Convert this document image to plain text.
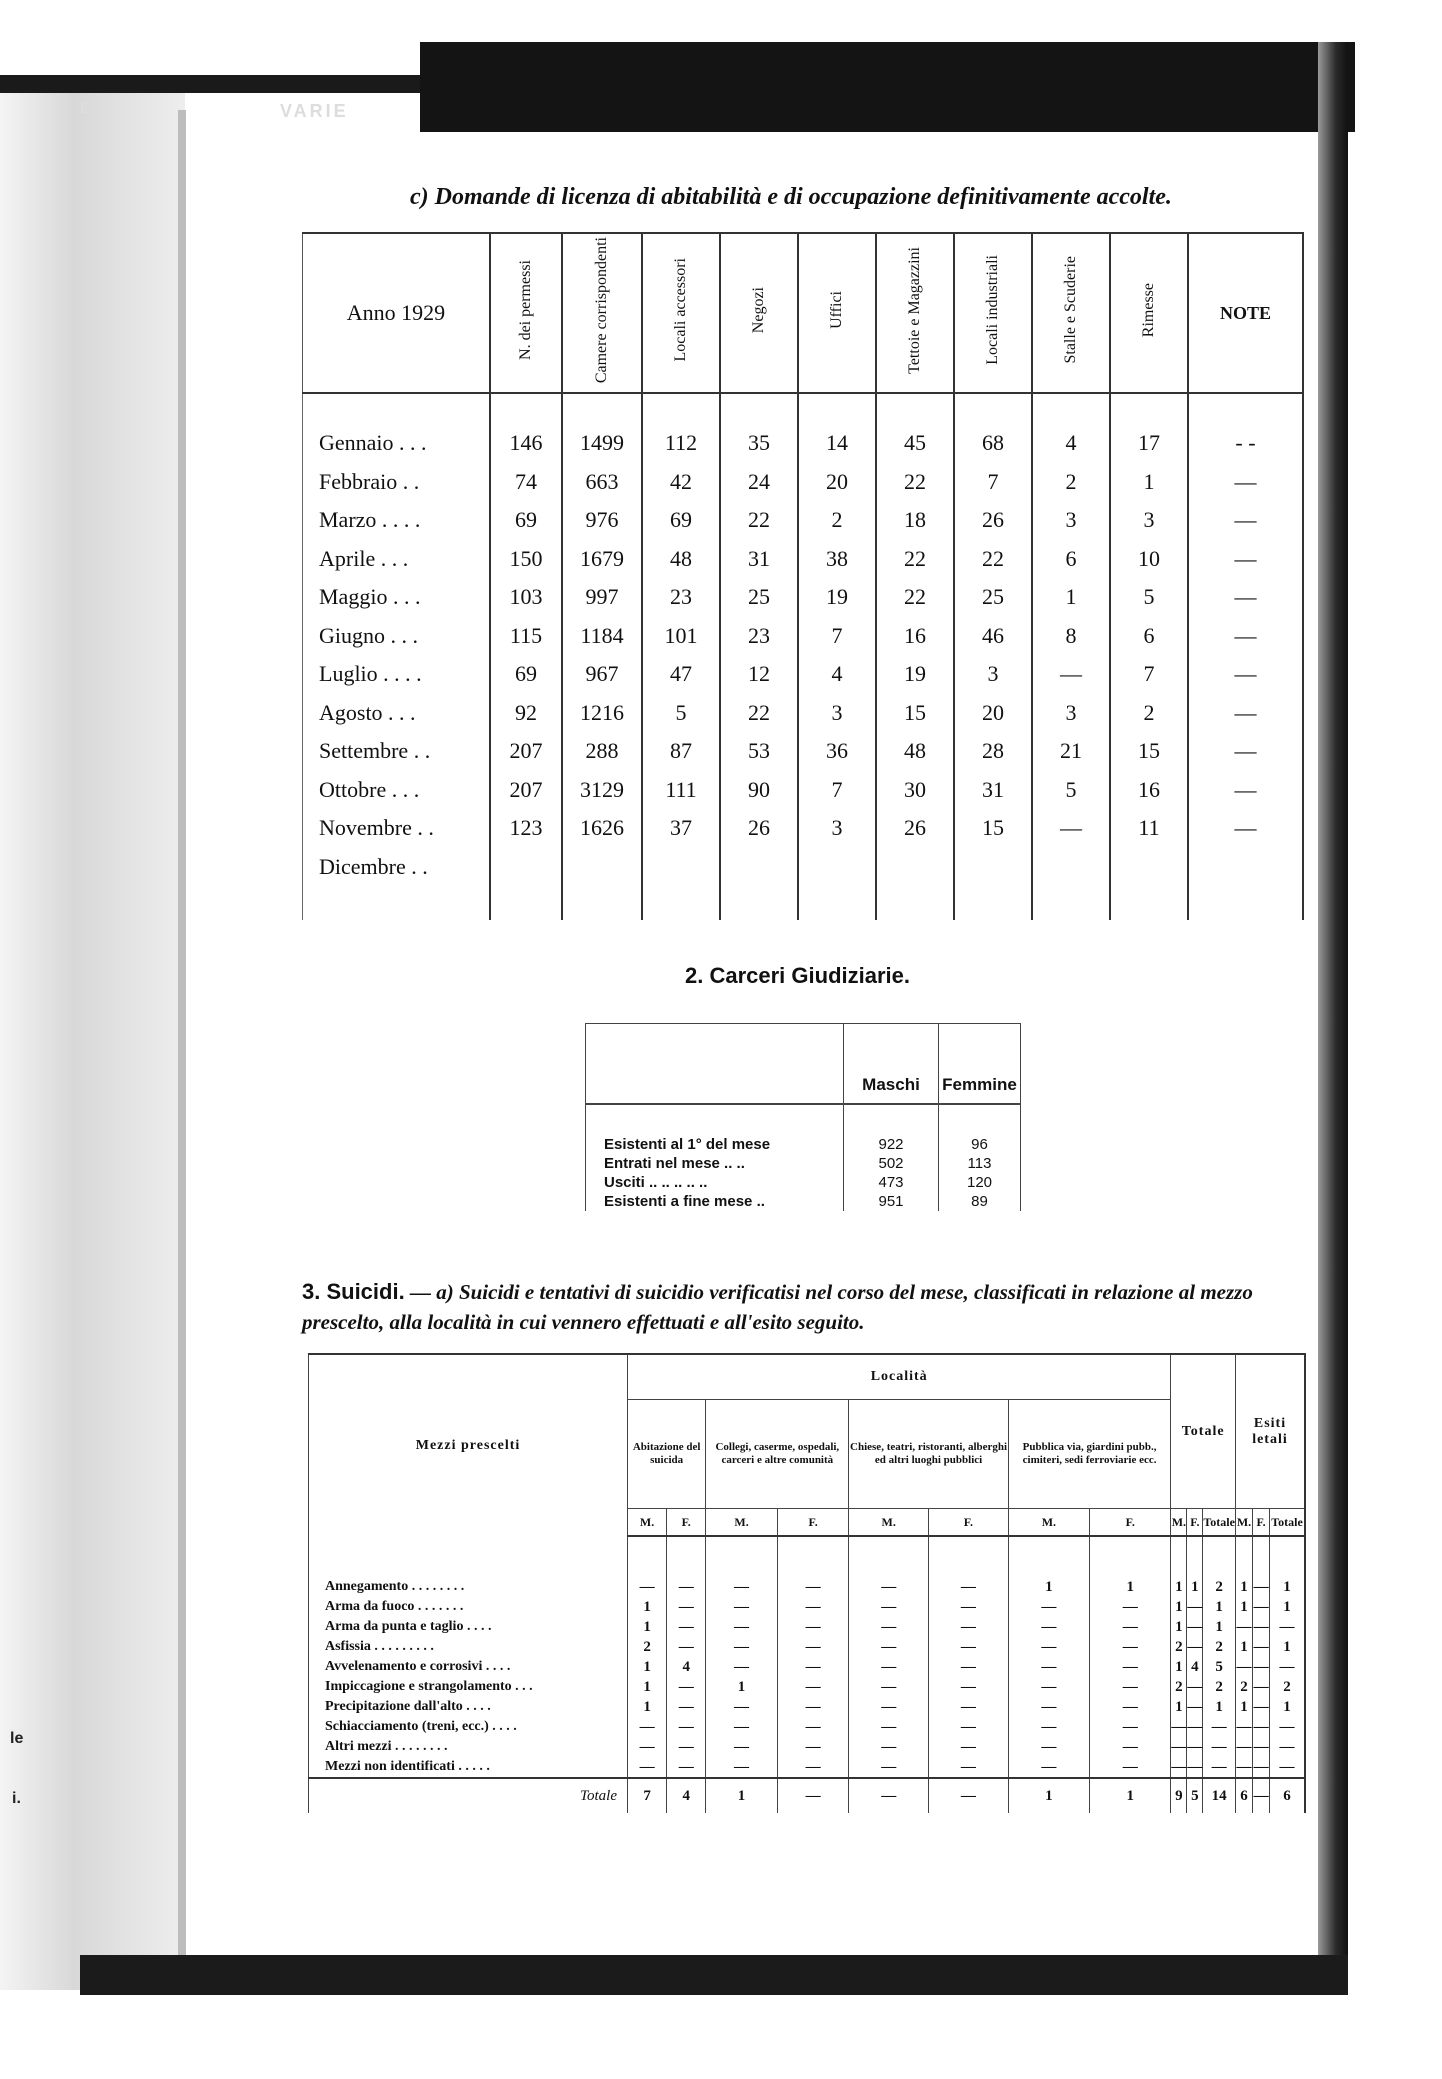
VARIE
E
le
i.
c) Domande di licenza di abitabilità e di occupazione definitivamente accolte.
Anno 1929	N. dei permessi	Camere corrispondenti	Locali accessori	Negozi	Uffici	Tettoie e Magazzini	Locali industriali	Stalle e Scuderie	Rimesse	NOTE

Gennaio . . .	146	1499	112	35	14	45	68	4	17	- -
Febbraio . .	74	663	42	24	20	22	7	2	1	—
Marzo . . . .	69	976	69	22	2	18	26	3	3	—
Aprile . . .	150	1679	48	31	38	22	22	6	10	—
Maggio . . .	103	997	23	25	19	22	25	1	5	—
Giugno . . .	115	1184	101	23	7	16	46	8	6	—
Luglio . . . .	69	967	47	12	4	19	3	—	7	—
Agosto . . .	92	1216	5	22	3	15	20	3	2	—
Settembre . .	207	288	87	53	36	48	28	21	15	—
Ottobre . . .	207	3129	111	90	7	30	31	5	16	—
Novembre . .	123	1626	37	26	3	26	15	—	11	—
Dicembre . .										

2. Carceri Giudiziarie.
	Maschi	Femmine

Esistenti al 1° del mese	922	96
Entrati nel mese .. ..	502	113
Usciti .. .. .. .. ..	473	120
Esistenti a fine mese ..	951	89
3. Suicidi. — a) Suicidi e tentativi di suicidio verificatisi nel corso del mese, classificati in relazione al mezzo prescelto, alla località in cui vennero effettuati e all'esito seguito.
Mezzi prescelti	Località								Totale			Esiti letali		
	Abitazione del suicida		Collegi, caserme, ospedali, carceri e altre comunità		Chiese, teatri, ristoranti, alberghi ed altri luoghi pubblici		Pubblica via, giardini pubb., cimiteri, sedi ferroviarie ecc.							
	M.	F.	M.	F.	M.	F.	M.	F.	M.	F.	Totale	M.	F.	Totale

Annegamento . . . . . . . .	—	—	—	—	—	—	1	1	1	1	2	1	—	1
Arma da fuoco . . . . . . .	1	—	—	—	—	—	—	—	1	—	1	1	—	1
Arma da punta e taglio . . . .	1	—	—	—	—	—	—	—	1	—	1	—	—	—
Asfissia . . . . . . . . .	2	—	—	—	—	—	—	—	2	—	2	1	—	1
Avvelenamento e corrosivi . . . .	1	4	—	—	—	—	—	—	1	4	5	—	—	—
Impiccagione e strangolamento . . .	1	—	1	—	—	—	—	—	2	—	2	2	—	2
Precipitazione dall'alto . . . .	1	—	—	—	—	—	—	—	1	—	1	1	—	1
Schiacciamento (treni, ecc.) . . . .	—	—	—	—	—	—	—	—	—	—	—	—	—	—
Altri mezzi . . . . . . . .	—	—	—	—	—	—	—	—	—	—	—	—	—	—
Mezzi non identificati . . . . .	—	—	—	—	—	—	—	—	—	—	—	—	—	—
Totale	7	4	1	—	—	—	1	1	9	5	14	6	—	6
